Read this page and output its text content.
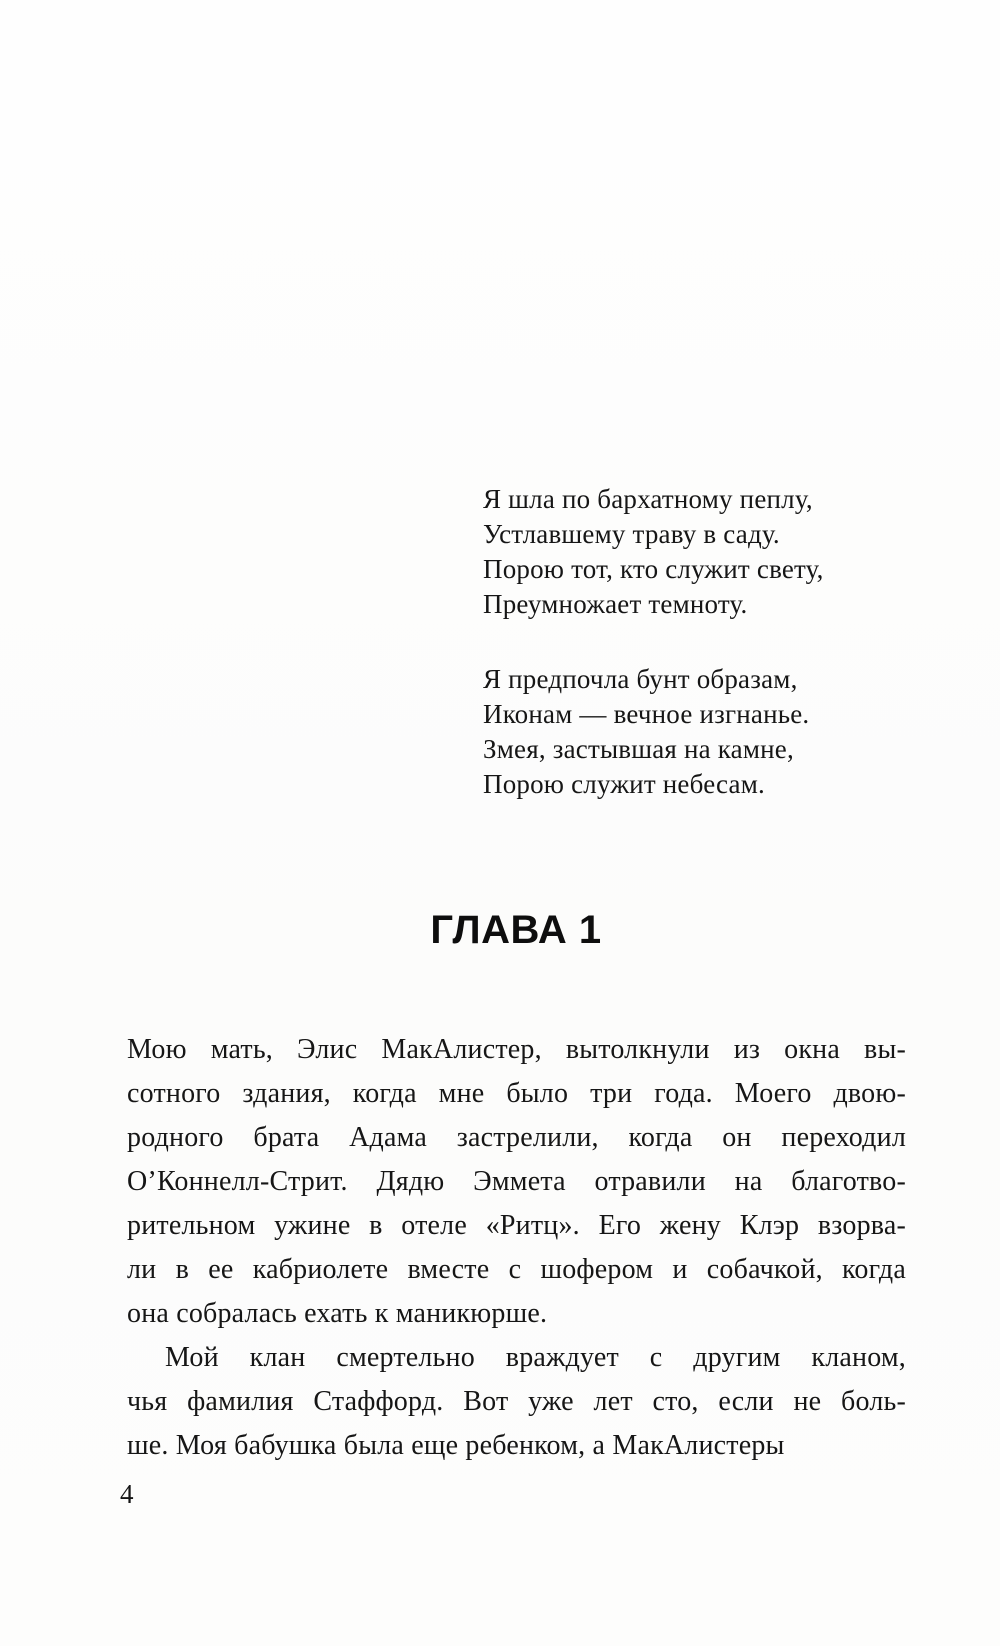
Я шла по бархатному пеплу,
Устлавшему траву в саду.
Порою тот, кто служит свету,
Преумножает темноту.
Я предпочла бунт образам,
Иконам — вечное изгнанье.
Змея, застывшая на камне,
Порою служит небесам.
ГЛАВА 1
Мою мать, Элис МакАлистер, вытолкнули из окна вы-
сотного здания, когда мне было три года. Моего двою-
родного брата Адама застрелили, когда он переходил
О’Коннелл-Стрит. Дядю Эммета отравили на благотво-
рительном ужине в отеле «Ритц». Его жену Клэр взорва-
ли в ее кабриолете вместе с шофером и собачкой, когда
она собралась ехать к маникюрше.
Мой клан смертельно враждует с другим кланом,
чья фамилия Стаффорд. Вот уже лет сто, если не боль-
ше. Моя бабушка была еще ребенком, а МакАлистеры
4
